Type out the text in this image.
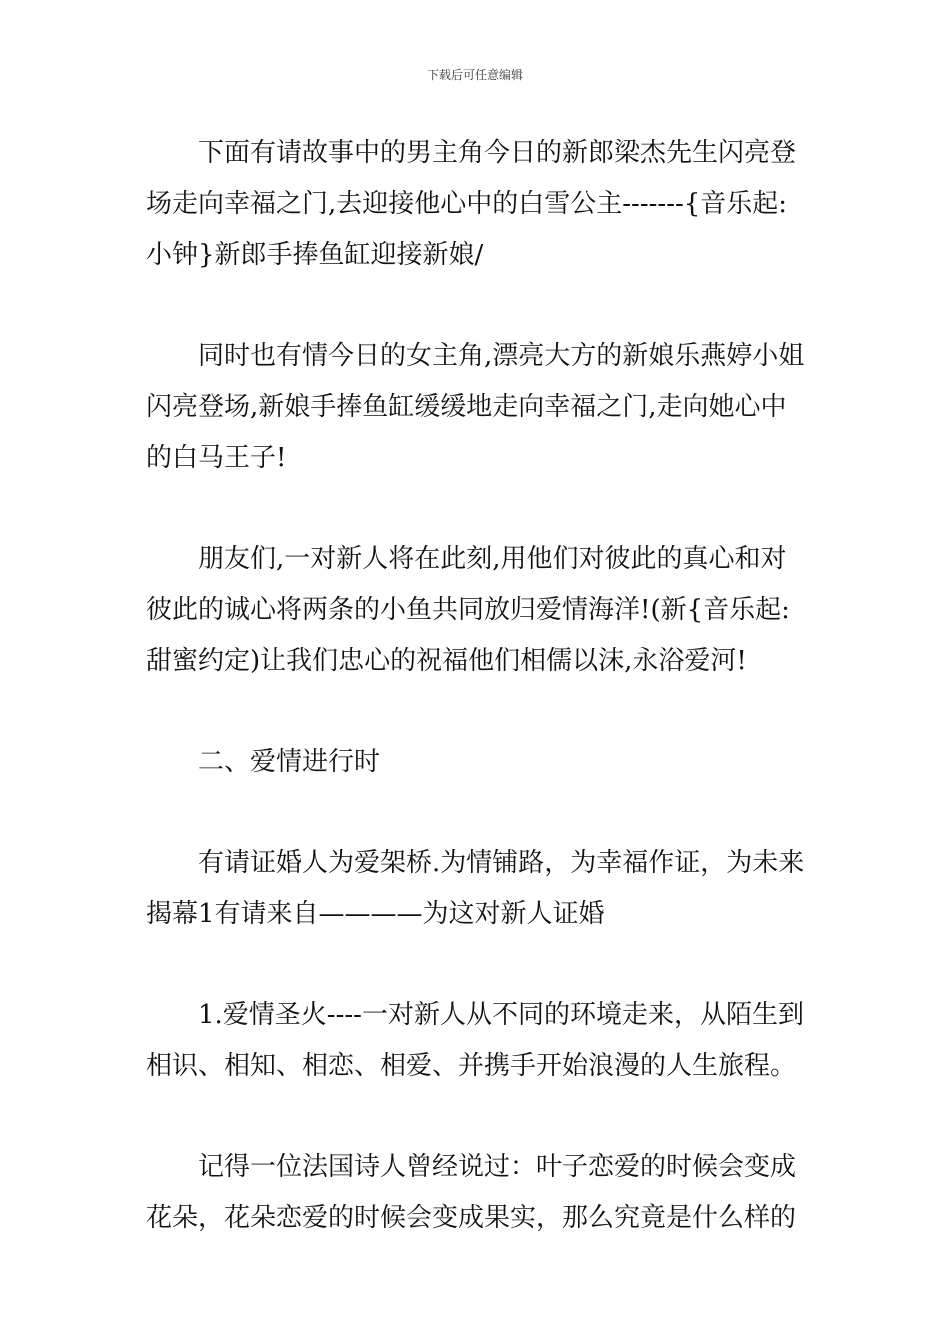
下载后可任意编辑

下面有请故事中的男主角今日的新郎梁杰先生闪亮登场走向幸福之门,去迎接他心中的白雪公主-------{音乐起:小钟}新郎手捧鱼缸迎接新娘/

同时也有情今日的女主角,漂亮大方的新娘乐燕婷小姐闪亮登场,新娘手捧鱼缸缓缓地走向幸福之门,走向她心中的白马王子!

朋友们,一对新人将在此刻,用他们对彼此的真心和对彼此的诚心将两条的小鱼共同放归爱情海洋!(新{音乐起:甜蜜约定)让我们忠心的祝福他们相儒以沫,永浴爱河!

二、爱情进行时

有请证婚人为爱架桥.为情铺路，为幸福作证，为未来揭幕1有请来自————为这对新人证婚

1.爱情圣火----一对新人从不同的环境走来，从陌生到相识、相知、相恋、相爱、并携手开始浪漫的人生旅程。

记得一位法国诗人曾经说过：叶子恋爱的时候会变成花朵，花朵恋爱的时候会变成果实，那么究竟是什么样的
